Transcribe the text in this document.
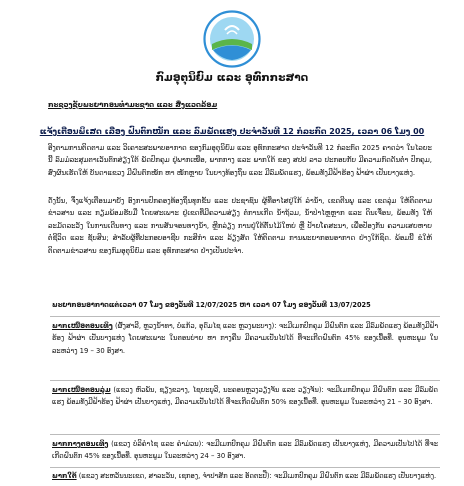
ກົມອຸຕຸນິຍົມ ແລະ ອຸທົກກະສາດ
ກະຊວງຊັບພະຍາກອນທຳມະຊາດ ແລະ ສິ່ງແວດລ້ອມ
ແຈ້ງເຕືອນພິເສດ ເລື່ອງ ຝົນຕົກໜັກ ແລະ ລົມພັດແຮງ ປະຈຳວັນທີ 12 ກໍລະກົດ 2025, ເວລາ 06 ໂມງ 00
ອີງຕາມການຕິດຕາມ ແລະ ວິເຄາະສະພາບອາກາດ ຂອງກົມອຸຕຸນິຍົມ ແລະ ອຸທົກກະສາດ ປະຈຳວັນທີ 12 ກໍລະກົດ 2025 ຄາດວ່າ ໃນໄລຍະນີ້ ລົມມໍລະສຸມຕາເວັນຕົກສ່ຽງໃຕ້ ພັດປົກຄຸມ ຢູ່ພາກເໜືອ, ພາກກາງ ແລະ ພາກໃຕ້ ຂອງ ສປປ ລາວ ປະກອບກັບ ມີຄວາມກົດດັນຕ່ຳ ປົກຄຸມ, ສົ່ງຜົນເຮັດໃຫ້ ບັນດາແຂວງ ມີຝົນຕົກໜັກ ຫາ ໜັກຫຼາຍ ໃນບາງທ້ອງຖິ່ນ ແລະ ມີລົມພັດແຮງ, ພ້ອມທັງມີຟ້າຮ້ອງ ຟ້າຜ່າ ເປັນບາງແຫ່ງ.
ດັ່ງນັ້ນ, ຈຶ່ງແຈ້ງເຕືອນມາຍັງ ອົງການປົກຄອງທ້ອງຖິ່ນທຸກຂັ້ນ ແລະ ປະຊາຊົນ ຜູ້ທີ່ອາໄສຢູ່ໃກ້ ລຳນ້ຳ, ເຂດຕີນພູ ແລະ ເຂດລຸ່ມ ໃຫ້ຕິດຕາມຂ່າວສານ ແລະ ກຽມພ້ອມຮັບມື ໂດຍສະເພາະ ຢູ່ເຂດທີ່ມີຄວາມສ່ຽງ ຕໍ່ການເກີດ ນ້ຳຖ້ວມ, ນ້ຳປ່າໄຫຼຫຼາກ ແລະ ດິນເຈື່ອນ, ພ້ອມທັງ ໃຫ້ລະມັດລະວັງ ໃນການເດີນທາງ ແລະ ການສັນຈອນທາງນ້ຳ, ຫຼີກລ່ຽງ ການຢູ່ໃຕ້ຕົ້ນໄມ້ໃຫຍ່ ຫຼື ປ້າຍໂຄສະນາ, ເພື່ອປ້ອງກັນ ຄວາມເສຍຫາຍ ຕໍ່ຊີວິດ ແລະ ຊັບສິນ; ສຳລັບຜູ້ທີ່ປະກອບອາຊີບ ກະສິກຳ ແລະ ລ້ຽງສັດ ໃຫ້ຕິດຕາມ ການພະຍາກອນອາກາດ ຢ່າງໃກ້ຊິດ. ພ້ອມນີ້ ຂໍໃຫ້ຕິດຕາມຂ່າວສານ ຂອງກົມອຸຕຸນິຍົມ ແລະ ອຸທົກກະສາດ ຢ່າງເປັນປະຈຳ.
ພະຍາກອນອາກາດແຕ່ເວລາ 07 ໂມງ ຂອງວັນທີ 12/07/2025 ຫາ ເວລາ 07 ໂມງ ຂອງວັນທີ 13/07/2025
ພາກເໜືອຕອນເທິງ (ຜົ້ງສາລີ, ຫຼວງນໍ້າທາ, ບໍ່ແກ້ວ, ອຸດົມໄຊ ແລະ ຫຼວງພະບາງ): ຈະມີເມກປົກຄຸມ ມີຝົນຕົກ ແລະ ມີລົມພັດແຮງ ພ້ອມທັງມີຟ້າຮ້ອງ ຟ້າຜ່າ ເປັນບາງແຫ່ງ ໂດຍສະເພາະ ໃນຕອນບ່າຍ ຫາ ກາງຄືນ ມີຄວາມເປັນໄປໄດ້ ທີ່ຈະເກີດຝົນຕົກ 45% ຂອງເນື້ອທີ່. ອຸນຫະພູມ ໃນລະຫວ່າງ 19 – 30 ອົງສາ.
ພາກເໜືອຕອນລຸ່ມ (ແຂວງ ຫົວພັນ, ຊຽງຂວາງ, ໄຊຍະບູລີ, ນະຄອນຫຼວງວຽງຈັນ ແລະ ວຽງຈັນ): ຈະມີເມກປົກຄຸມ ມີຝົນຕົກ ແລະ ມີລົມພັດແຮງ ພ້ອມທັງມີຟ້າຮ້ອງ ຟ້າຜ່າ ເປັນບາງແຫ່ງ, ມີຄວາມເປັນໄປໄດ້ ທີ່ຈະເກີດຝົນຕົກ 50% ຂອງເນື້ອທີ່. ອຸນຫະພູມ ໃນລະຫວ່າງ 21 – 30 ອົງສາ.
ພາກກາງຕອນເທິງ (ແຂວງ ບໍລິຄຳໄຊ ແລະ ຄຳມ່ວນ): ຈະມີເມກປົກຄຸມ ມີຝົນຕົກ ແລະ ມີລົມພັດແຮງ ເປັນບາງແຫ່ງ, ມີຄວາມເປັນໄປໄດ້ ທີ່ຈະເກີດຝົນຕົກ 45% ຂອງເນື້ອທີ່. ອຸນຫະພູມ ໃນລະຫວ່າງ 24 – 30 ອົງສາ.
ພາກໃຕ້ (ແຂວງ ສະຫວັນນະເຂດ, ສາລະວັນ, ເຊກອງ, ຈຳປາສັກ ແລະ ອັດຕະປື): ຈະມີເມກປົກຄຸມ ມີຝົນຕົກ ແລະ ມີລົມພັດແຮງ ເປັນບາງແຫ່ງ.
